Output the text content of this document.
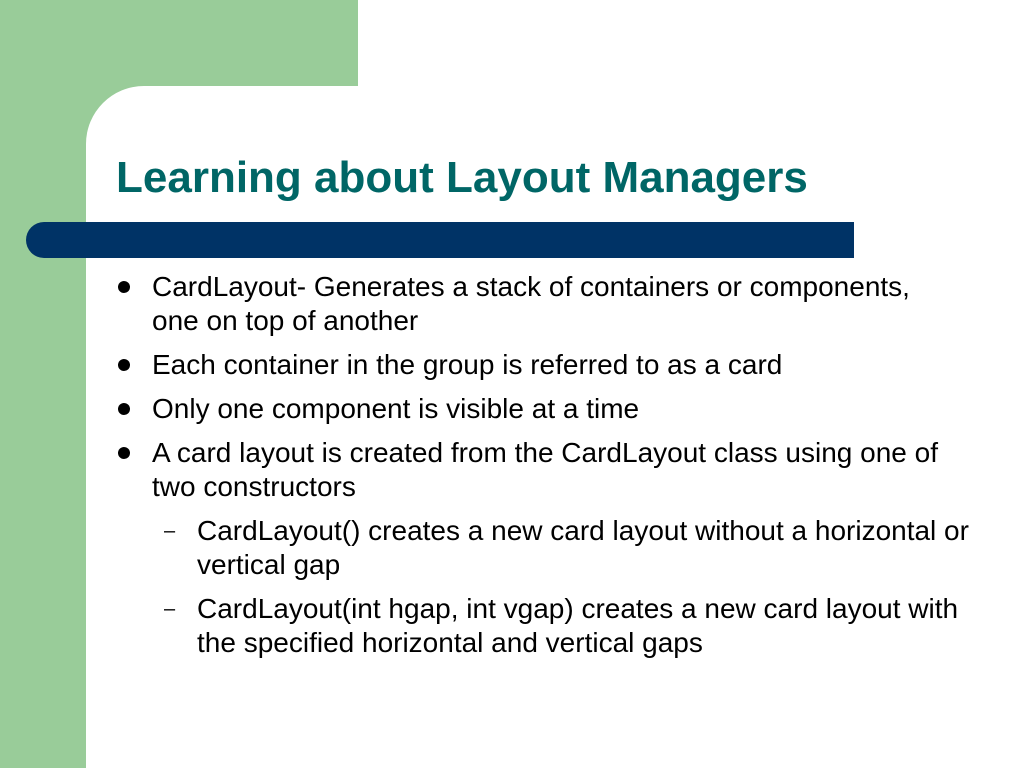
Learning about Layout Managers
CardLayout- Generates a stack of containers or components, one on top of another
Each container in the group is referred to as a card
Only one component is visible at a time
A card layout is created from the CardLayout class using one of two constructors
– CardLayout() creates a new card layout without a horizontal or vertical gap
– CardLayout(int hgap, int vgap) creates a new card layout with the specified horizontal and vertical gaps
